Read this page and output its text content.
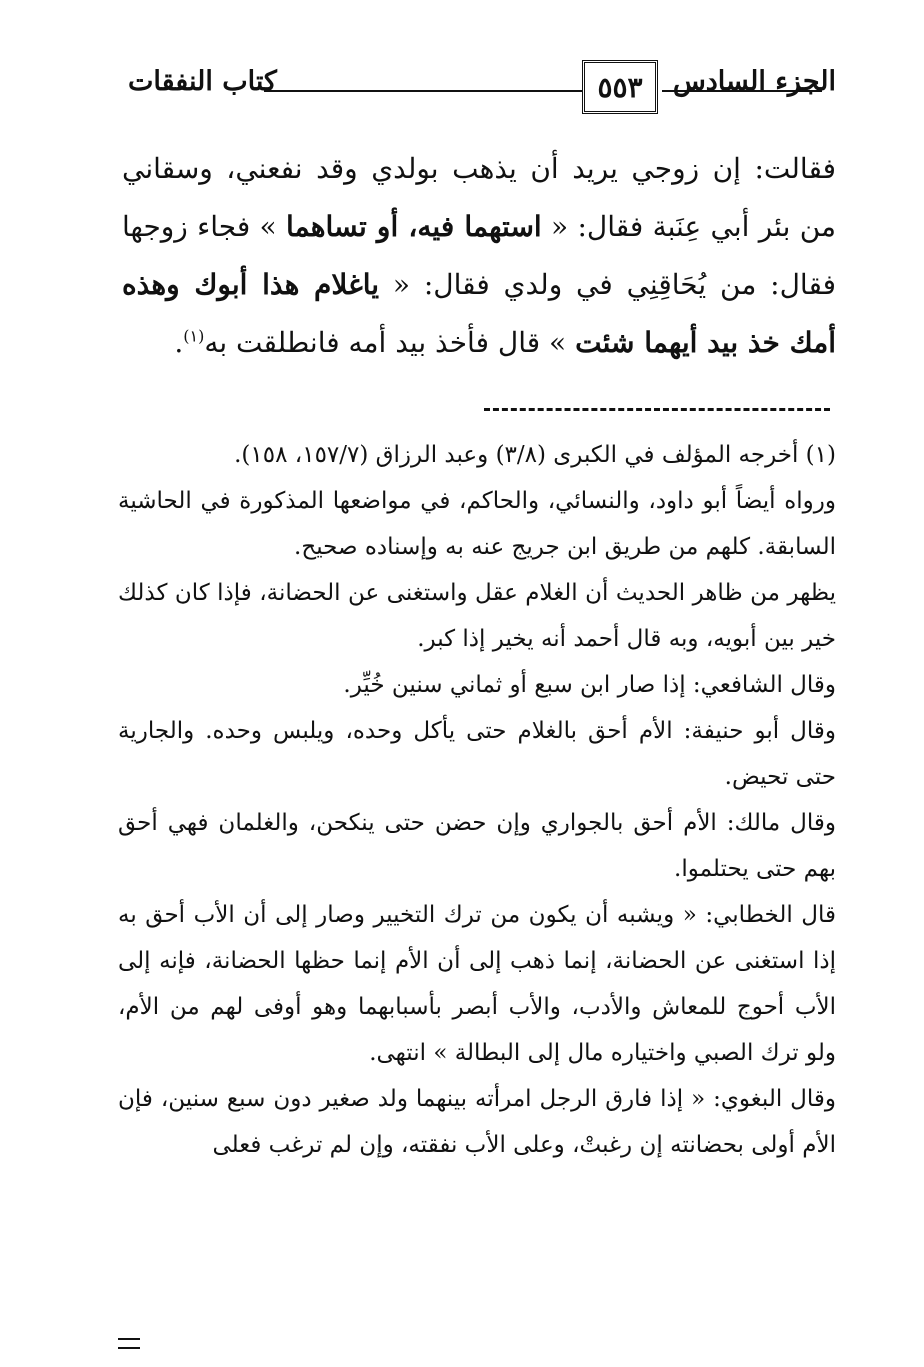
كتاب النفقات	٥٥٣ الجزء السادس

فقالت: إن زوجي يريد أن يذهب بولدي وقد نفعني، وسقاني من بئر أبي عِنَبة فقال: « استهما فيه، أو تساهما » فجاء زوجها فقال: من يُحَاقِنِي في ولدي فقال: « ياغلام هذا أبوك وهذه أمك خذ بيد أيهما شئت » قال فأخذ بيد أمه فانطلقت به$^{(١)}$.

(١) أخرجه المؤلف في الكبرى (٣/٨) وعبد الرزاق (١٥٧/٧، ١٥٨).

ورواه أيضاً أبو داود، والنسائي، والحاكم، في مواضعها المذكورة في الحاشية السابقة. كلهم من طريق ابن جريج عنه به وإسناده صحيح.

يظهر من ظاهر الحديث أن الغلام عقل واستغنى عن الحضانة، فإذا كان كذلك خير بين أبويه، وبه قال أحمد أنه يخير إذا كبر.

وقال الشافعي: إذا صار ابن سبع أو ثماني سنين خُيِّر.

وقال أبو حنيفة: الأم أحق بالغلام حتى يأكل وحده، ويلبس وحده. والجارية حتى تحيض.

وقال مالك: الأم أحق بالجواري وإن حضن حتى ينكحن، والغلمان فهي أحق بهم حتى يحتلموا.

قال الخطابي: « ويشبه أن يكون من ترك التخيير وصار إلى أن الأب أحق به إذا استغنى عن الحضانة، إنما ذهب إلى أن الأم إنما حظها الحضانة، فإنه إلى الأب أحوج للمعاش والأدب، والأب أبصر بأسبابهما وهو أوفى لهم من الأم، ولو ترك الصبي واختياره مال إلى البطالة » انتهى.

وقال البغوي: « إذا فارق الرجل امرأته بينهما ولد صغير دون سبع سنين، فإن الأم أولى بحضانته إن رغبتْ، وعلى الأب نفقته، وإن لم ترغب فعلى
